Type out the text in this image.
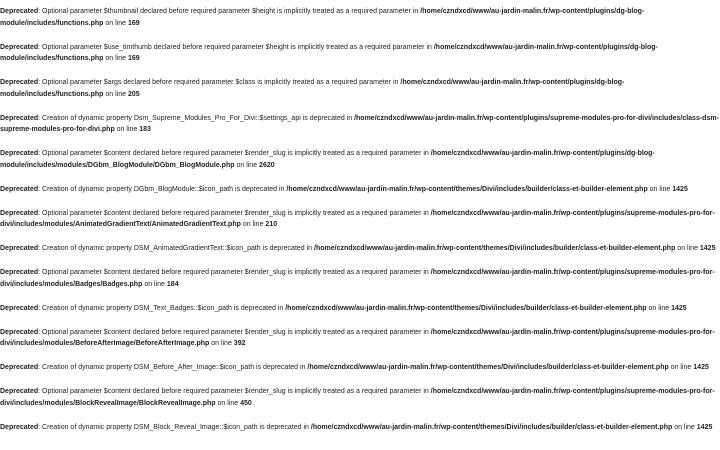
Deprecated: Optional parameter $thumbnail declared before required parameter $height is implicitly treated as a required parameter in /home/czndxcd/www/au-jardin-malin.fr/wp-content/plugins/dg-blog-module/includes/functions.php on line 169
Deprecated: Optional parameter $use_timthumb declared before required parameter $height is implicitly treated as a required parameter in /home/czndxcd/www/au-jardin-malin.fr/wp-content/plugins/dg-blog-module/includes/functions.php on line 169
Deprecated: Optional parameter $args declared before required parameter $class is implicitly treated as a required parameter in /home/czndxcd/www/au-jardin-malin.fr/wp-content/plugins/dg-blog-module/includes/functions.php on line 205
Deprecated: Creation of dynamic property Dsm_Supreme_Modules_Pro_For_Divi::$settings_api is deprecated in /home/czndxcd/www/au-jardin-malin.fr/wp-content/plugins/supreme-modules-pro-for-divi/includes/class-dsm-supreme-modules-pro-for-divi.php on line 183
Deprecated: Optional parameter $content declared before required parameter $render_slug is implicitly treated as a required parameter in /home/czndxcd/www/au-jardin-malin.fr/wp-content/plugins/dg-blog-module/includes/modules/DGbm_BlogModule/DGbm_BlogModule.php on line 2620
Deprecated: Creation of dynamic property DGbm_BlogModule::$icon_path is deprecated in /home/czndxcd/www/au-jardin-malin.fr/wp-content/themes/Divi/includes/builder/class-et-builder-element.php on line 1425
Deprecated: Optional parameter $content declared before required parameter $render_slug is implicitly treated as a required parameter in /home/czndxcd/www/au-jardin-malin.fr/wp-content/plugins/supreme-modules-pro-for-divi/includes/modules/AnimatedGradientText/AnimatedGradientText.php on line 210
Deprecated: Creation of dynamic property DSM_AnimatedGradientText::$icon_path is deprecated in /home/czndxcd/www/au-jardin-malin.fr/wp-content/themes/Divi/includes/builder/class-et-builder-element.php on line 1425
Deprecated: Optional parameter $content declared before required parameter $render_slug is implicitly treated as a required parameter in /home/czndxcd/www/au-jardin-malin.fr/wp-content/plugins/supreme-modules-pro-for-divi/includes/modules/Badges/Badges.php on line 184
Deprecated: Creation of dynamic property DSM_Text_Badges::$icon_path is deprecated in /home/czndxcd/www/au-jardin-malin.fr/wp-content/themes/Divi/includes/builder/class-et-builder-element.php on line 1425
Deprecated: Optional parameter $content declared before required parameter $render_slug is implicitly treated as a required parameter in /home/czndxcd/www/au-jardin-malin.fr/wp-content/plugins/supreme-modules-pro-for-divi/includes/modules/BeforeAfterImage/BeforeAfterImage.php on line 392
Deprecated: Creation of dynamic property DSM_Before_After_Image::$icon_path is deprecated in /home/czndxcd/www/au-jardin-malin.fr/wp-content/themes/Divi/includes/builder/class-et-builder-element.php on line 1425
Deprecated: Optional parameter $content declared before required parameter $render_slug is implicitly treated as a required parameter in /home/czndxcd/www/au-jardin-malin.fr/wp-content/plugins/supreme-modules-pro-for-divi/includes/modules/BlockRevealImage/BlockRevealImage.php on line 450
Deprecated: Creation of dynamic property DSM_Block_Reveal_Image::$icon_path is deprecated in /home/czndxcd/www/au-jardin-malin.fr/wp-content/themes/Divi/includes/builder/class-et-builder-element.php on line 1425
